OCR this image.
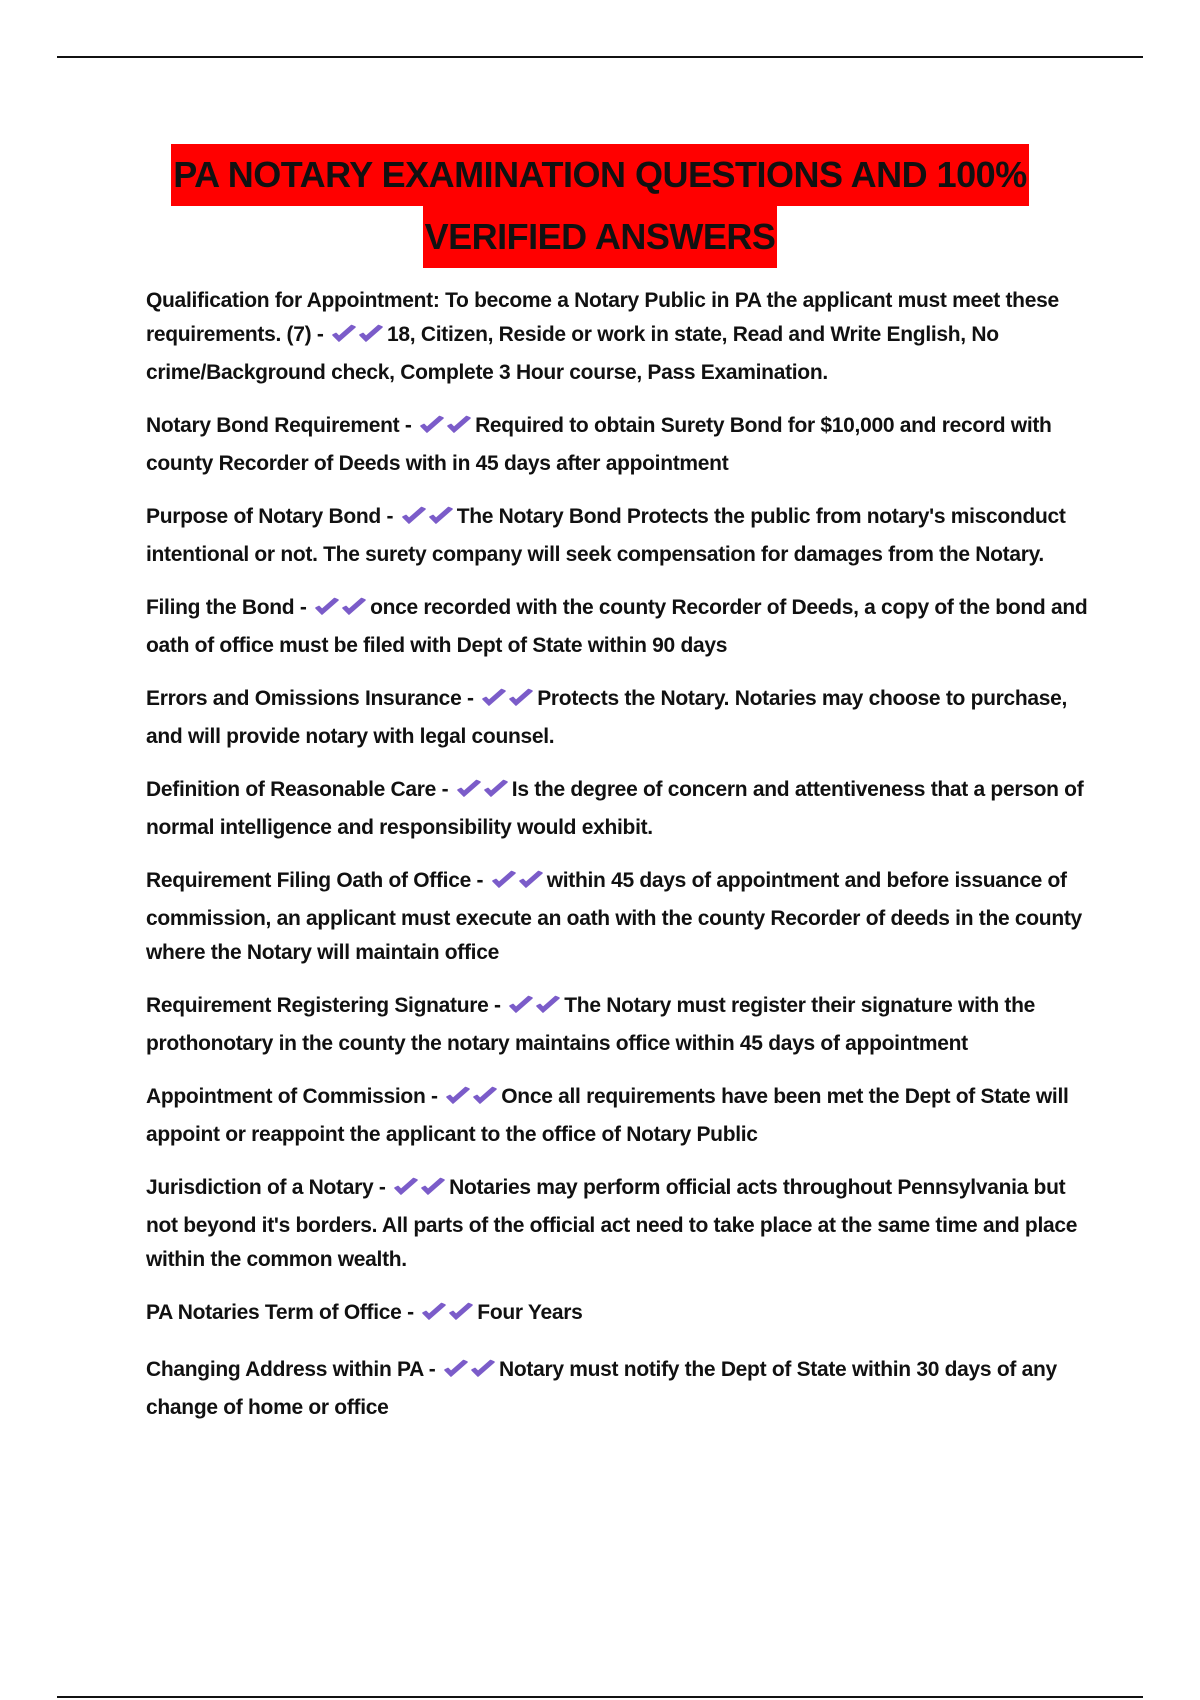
PA NOTARY EXAMINATION QUESTIONS AND 100%
VERIFIED ANSWERS

Qualification for Appointment: To become a Notary Public in PA the applicant must meet these requirements. (7) -	18, Citizen, Reside or work in state, Read and Write English, No crime/Background check, Complete 3 Hour course, Pass Examination.

Notary Bond Requirement -	Required to obtain Surety Bond for $10,000 and record with county Recorder of Deeds with in 45 days after appointment

Purpose of Notary Bond -	The Notary Bond Protects the public from notary's misconduct intentional or not. The surety company will seek compensation for damages from the Notary.

Filing the Bond -	once recorded with the county Recorder of Deeds, a copy of the bond and oath of office must be filed with Dept of State within 90 days

Errors and Omissions Insurance -	Protects the Notary. Notaries may choose to purchase, and will provide notary with legal counsel.

Definition of Reasonable Care -	Is the degree of concern and attentiveness that a person of normal intelligence and responsibility would exhibit.

Requirement Filing Oath of Office -	within 45 days of appointment and before issuance of commission, an applicant must execute an oath with the county Recorder of deeds in the county where the Notary will maintain office

Requirement Registering Signature -	The Notary must register their signature with the prothonotary in the county the notary maintains office within 45 days of appointment

Appointment of Commission -	Once all requirements have been met the Dept of State will appoint or reappoint the applicant to the office of Notary Public

Jurisdiction of a Notary -	Notaries may perform official acts throughout Pennsylvania but not beyond it's borders. All parts of the official act need to take place at the same time and place within the common wealth.

PA Notaries Term of Office -	Four Years

Changing Address within PA -	Notary must notify the Dept of State within 30 days of any change of home or office
